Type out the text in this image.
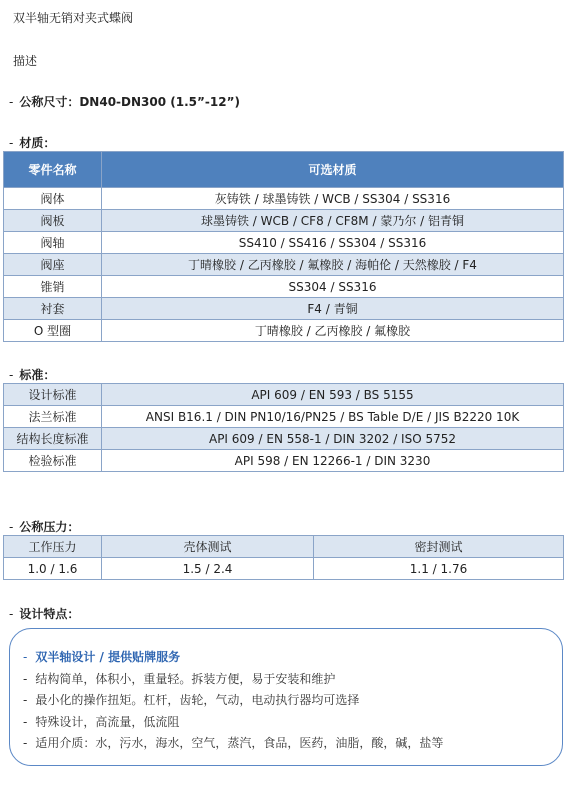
双半轴无销对夹式蝶阀
描述
- 公称尺寸：DN40-DN300 (1.5”-12”)
- 材质：
零件名称	可选材质
阀体	灰铸铁 / 球墨铸铁 / WCB / SS304 / SS316
阀板	球墨铸铁 / WCB / CF8 / CF8M / 蒙乃尔 / 铝青铜
阀轴	SS410 / SS416 / SS304 / SS316
阀座	丁晴橡胶 / 乙丙橡胶 / 氟橡胶 / 海帕伦 / 天然橡胶 / F4
锥销	SS304 / SS316
衬套	F4 / 青铜
O 型圈	丁晴橡胶 / 乙丙橡胶 / 氟橡胶
- 标准：
设计标准	API 609 / EN 593 / BS 5155
法兰标准	ANSI B16.1 / DIN PN10/16/PN25 / BS Table D/E / JIS B2220 10K
结构长度标准	API 609 / EN 558-1 / DIN 3202 / ISO 5752
检验标准	API 598 / EN 12266-1 / DIN 3230
- 公称压力：
工作压力	壳体测试	密封测试
1.0 / 1.6	1.5 / 2.4	1.1 / 1.76
- 设计特点：
- 双半轴设计 / 提供贴牌服务
- 结构简单，体积小，重量轻。拆装方便，易于安装和维护
- 最小化的操作扭矩。杠杆，齿轮，气动，电动执行器均可选择
- 特殊设计，高流量，低流阻
- 适用介质：水，污水，海水，空气，蒸汽，食品，医药，油脂，酸，碱，盐等
